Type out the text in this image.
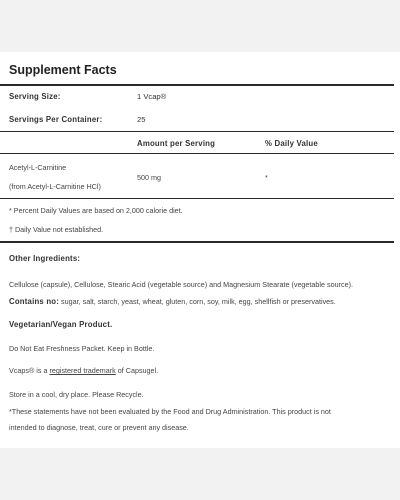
Supplement Facts
Serving Size:	1 Vcap®
Servings Per Container:	25
Amount per Serving	% Daily Value
Acetyl-L-Carnitine
(from Acetyl-L-Carnitine HCl)
500 mg	*
* Percent Daily Values are based on 2,000 calorie diet.
† Daily Value not established.
Other Ingredients:
Cellulose (capsule), Cellulose, Stearic Acid (vegetable source) and Magnesium Stearate (vegetable source).
Contains no: sugar, salt, starch, yeast, wheat, gluten, corn, soy, milk, egg, shellfish or preservatives.
Vegetarian/Vegan Product.
Do Not Eat Freshness Packet. Keep in Bottle.
Vcaps® is a registered trademark of Capsugel.
Store in a cool, dry place. Please Recycle.
*These statements have not been evaluated by the Food and Drug Administration. This product is not
intended to diagnose, treat, cure or prevent any disease.
